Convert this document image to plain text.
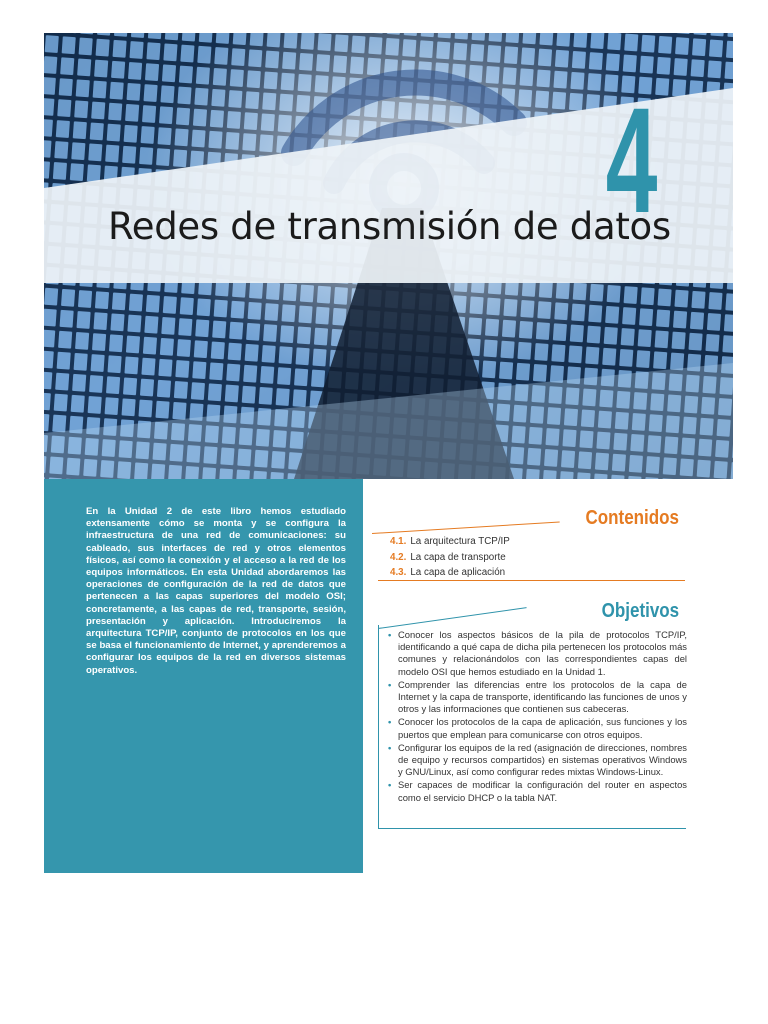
4
Redes de transmisión de datos

En la Unidad 2 de este libro hemos estudiado extensamente cómo se monta y se configura la infraestructura de una red de comunicaciones: su cableado, sus interfaces de red y otros elementos físicos, así como la conexión y el acceso a la red de los equipos informáticos. En esta Unidad abordaremos las operaciones de configuración de la red de datos que pertenecen a las capas superiores del modelo OSI; concretamente, a las capas de red, transporte, sesión, presentación y aplicación. Introduciremos la arquitectura TCP/IP, conjunto de protocolos en los que se basa el funcionamiento de Internet, y aprenderemos a configurar los equipos de la red en diversos sistemas operativos.

Contenidos
4.1. La arquitectura TCP/IP
4.2. La capa de transporte
4.3. La capa de aplicación
Objetivos
• Conocer los aspectos básicos de la pila de protocolos TCP/IP, identificando a qué capa de dicha pila pertenecen los protocolos más comunes y relacionándolos con las correspondientes capas del modelo OSI que hemos estudiado en la Unidad 1.
• Comprender las diferencias entre los protocolos de la capa de Internet y la capa de transporte, identificando las funciones de unos y otros y las informaciones que contienen sus cabeceras.
• Conocer los protocolos de la capa de aplicación, sus funciones y los puertos que emplean para comunicarse con otros equipos.
• Configurar los equipos de la red (asignación de direcciones, nombres de equipo y recursos compartidos) en sistemas operativos Windows y GNU/Linux, así como configurar redes mixtas Windows-Linux.
• Ser capaces de modificar la configuración del router en aspectos como el servicio DHCP o la tabla NAT.
